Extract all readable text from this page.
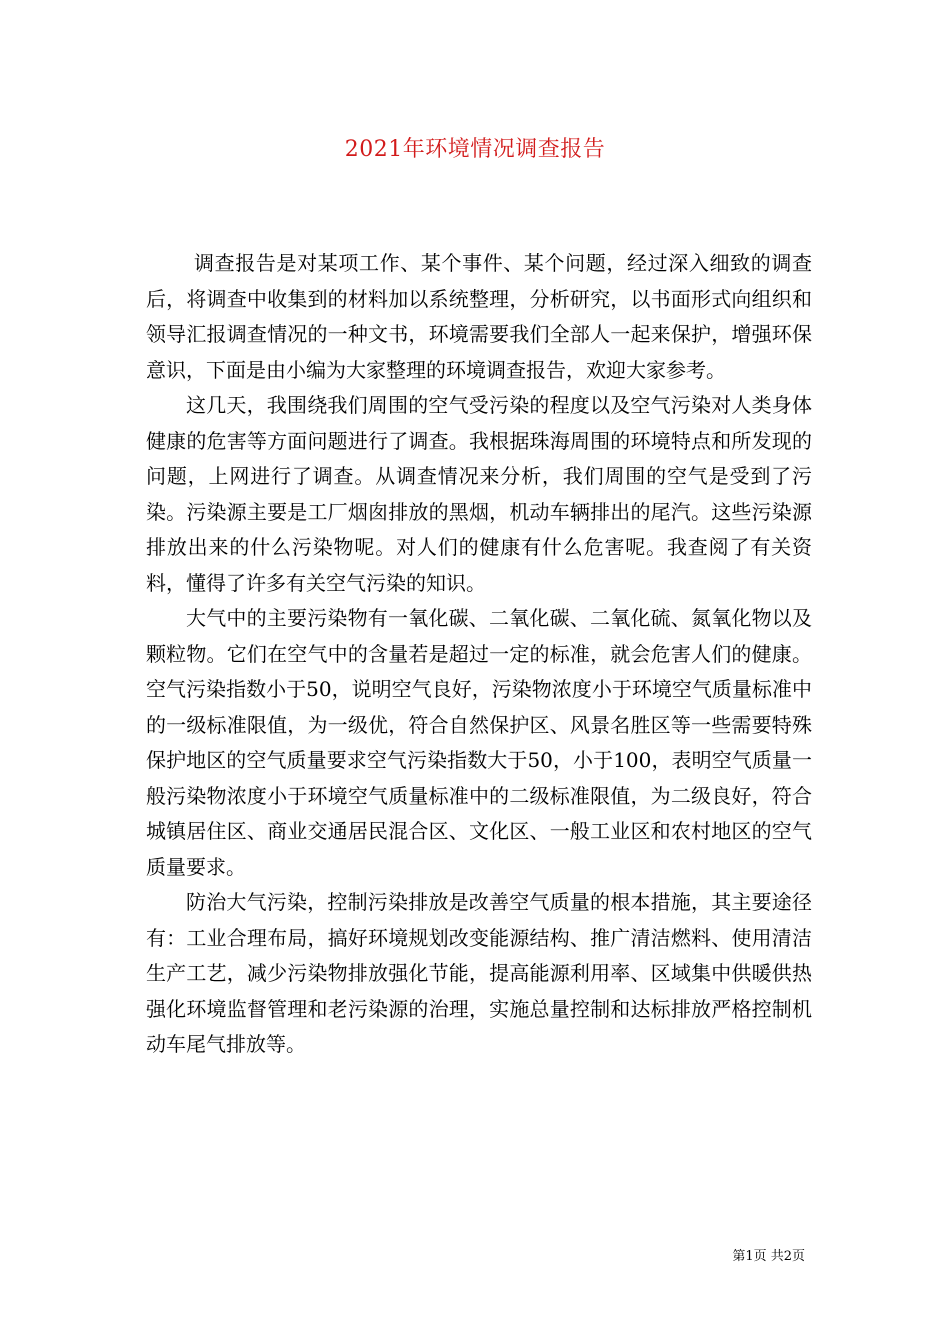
2021年环境情况调查报告

调查报告是对某项工作、某个事件、某个问题，经过深入细致的调查后，将调查中收集到的材料加以系统整理，分析研究，以书面形式向组织和领导汇报调查情况的一种文书，环境需要我们全部人一起来保护，增强环保意识，下面是由小编为大家整理的环境调查报告，欢迎大家参考。

这几天，我围绕我们周围的空气受污染的程度以及空气污染对人类身体健康的危害等方面问题进行了调查。我根据珠海周围的环境特点和所发现的问题，上网进行了调查。从调查情况来分析，我们周围的空气是受到了污染。污染源主要是工厂烟囱排放的黑烟，机动车辆排出的尾汽。这些污染源排放出来的什么污染物呢。对人们的健康有什么危害呢。我查阅了有关资料，懂得了许多有关空气污染的知识。

大气中的主要污染物有一氧化碳、二氧化碳、二氧化硫、氮氧化物以及颗粒物。它们在空气中的含量若是超过一定的标准，就会危害人们的健康。空气污染指数小于50，说明空气良好，污染物浓度小于环境空气质量标准中的一级标准限值，为一级优，符合自然保护区、风景名胜区等一些需要特殊保护地区的空气质量要求空气污染指数大于50，小于100，表明空气质量一般污染物浓度小于环境空气质量标准中的二级标准限值，为二级良好，符合城镇居住区、商业交通居民混合区、文化区、一般工业区和农村地区的空气质量要求。

防治大气污染，控制污染排放是改善空气质量的根本措施，其主要途径有：工业合理布局，搞好环境规划改变能源结构、推广清洁燃料、使用清洁生产工艺，减少污染物排放强化节能，提高能源利用率、区域集中供暖供热强化环境监督管理和老污染源的治理，实施总量控制和达标排放严格控制机动车尾气排放等。

第1页 共2页
